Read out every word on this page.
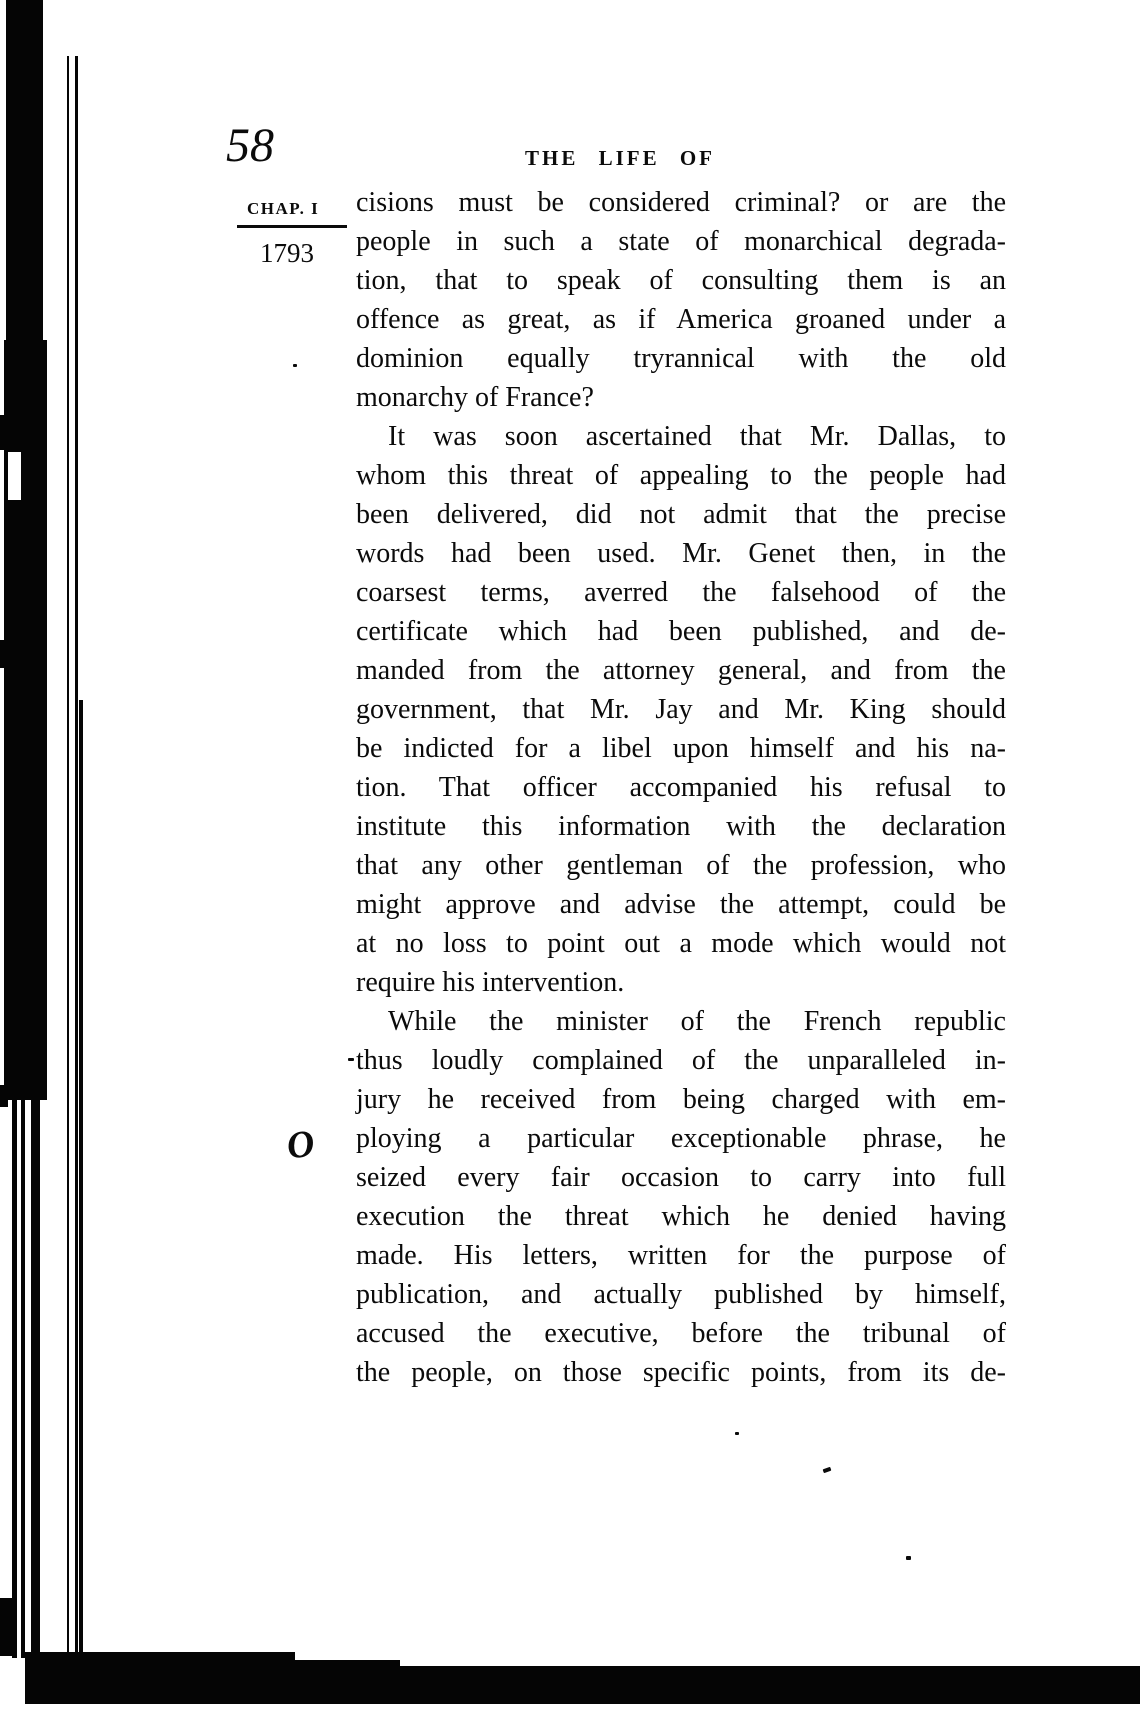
58	THE LIFE OF
CHAP. I
1793
cisions must be considered criminal? or are the
people in such a state of monarchical degrada-
tion, that to speak of consulting them is an
offence as great, as if America groaned under a
dominion equally tryrannical with the old
monarchy of France?
It was soon ascertained that Mr. Dallas, to
whom this threat of appealing to the people had
been delivered, did not admit that the precise
words had been used. Mr. Genet then, in the
coarsest terms, averred the falsehood of the
certificate which had been published, and de-
manded from the attorney general, and from the
government, that Mr. Jay and Mr. King should
be indicted for a libel upon himself and his na-
tion. That officer accompanied his refusal to
institute this information with the declaration
that any other gentleman of the profession, who
might approve and advise the attempt, could be
at no loss to point out a mode which would not
require his intervention.
While the minister of the French republic
thus loudly complained of the unparalleled in-
jury he received from being charged with em-
ploying a particular exceptionable phrase, he
seized every fair occasion to carry into full
execution the threat which he denied having
made. His letters, written for the purpose of
publication, and actually published by himself,
accused the executive, before the tribunal of
the people, on those specific points, from its de-
O
